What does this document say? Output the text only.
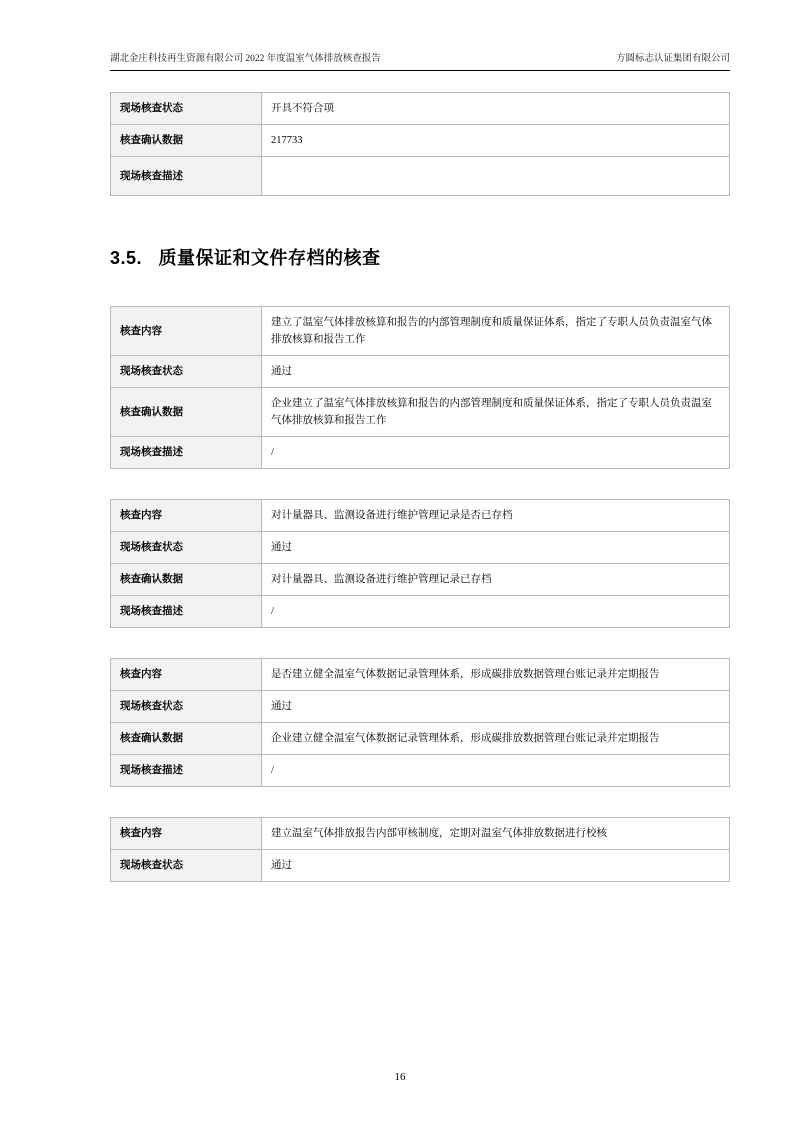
湖北金庄科技再生资源有限公司 2022 年度温室气体排放核查报告	方圆标志认证集团有限公司
现场核查状态	开具不符合项
核查确认数据	217733
现场核查描述	
3.5. 质量保证和文件存档的核查
核查内容	建立了温室气体排放核算和报告的内部管理制度和质量保证体系，指定了专职人员负责温室气体排放核算和报告工作
现场核查状态	通过
核查确认数据	企业建立了温室气体排放核算和报告的内部管理制度和质量保证体系，指定了专职人员负责温室气体排放核算和报告工作
现场核查描述	/
核查内容	对计量器具、监测设备进行维护管理记录是否已存档
现场核查状态	通过
核查确认数据	对计量器具、监测设备进行维护管理记录已存档
现场核查描述	/
核查内容	是否建立健全温室气体数据记录管理体系，形成碳排放数据管理台账记录并定期报告
现场核查状态	通过
核查确认数据	企业建立健全温室气体数据记录管理体系，形成碳排放数据管理台账记录并定期报告
现场核查描述	/
核查内容	建立温室气体排放报告内部审核制度，定期对温室气体排放数据进行校核
现场核查状态	通过
16
